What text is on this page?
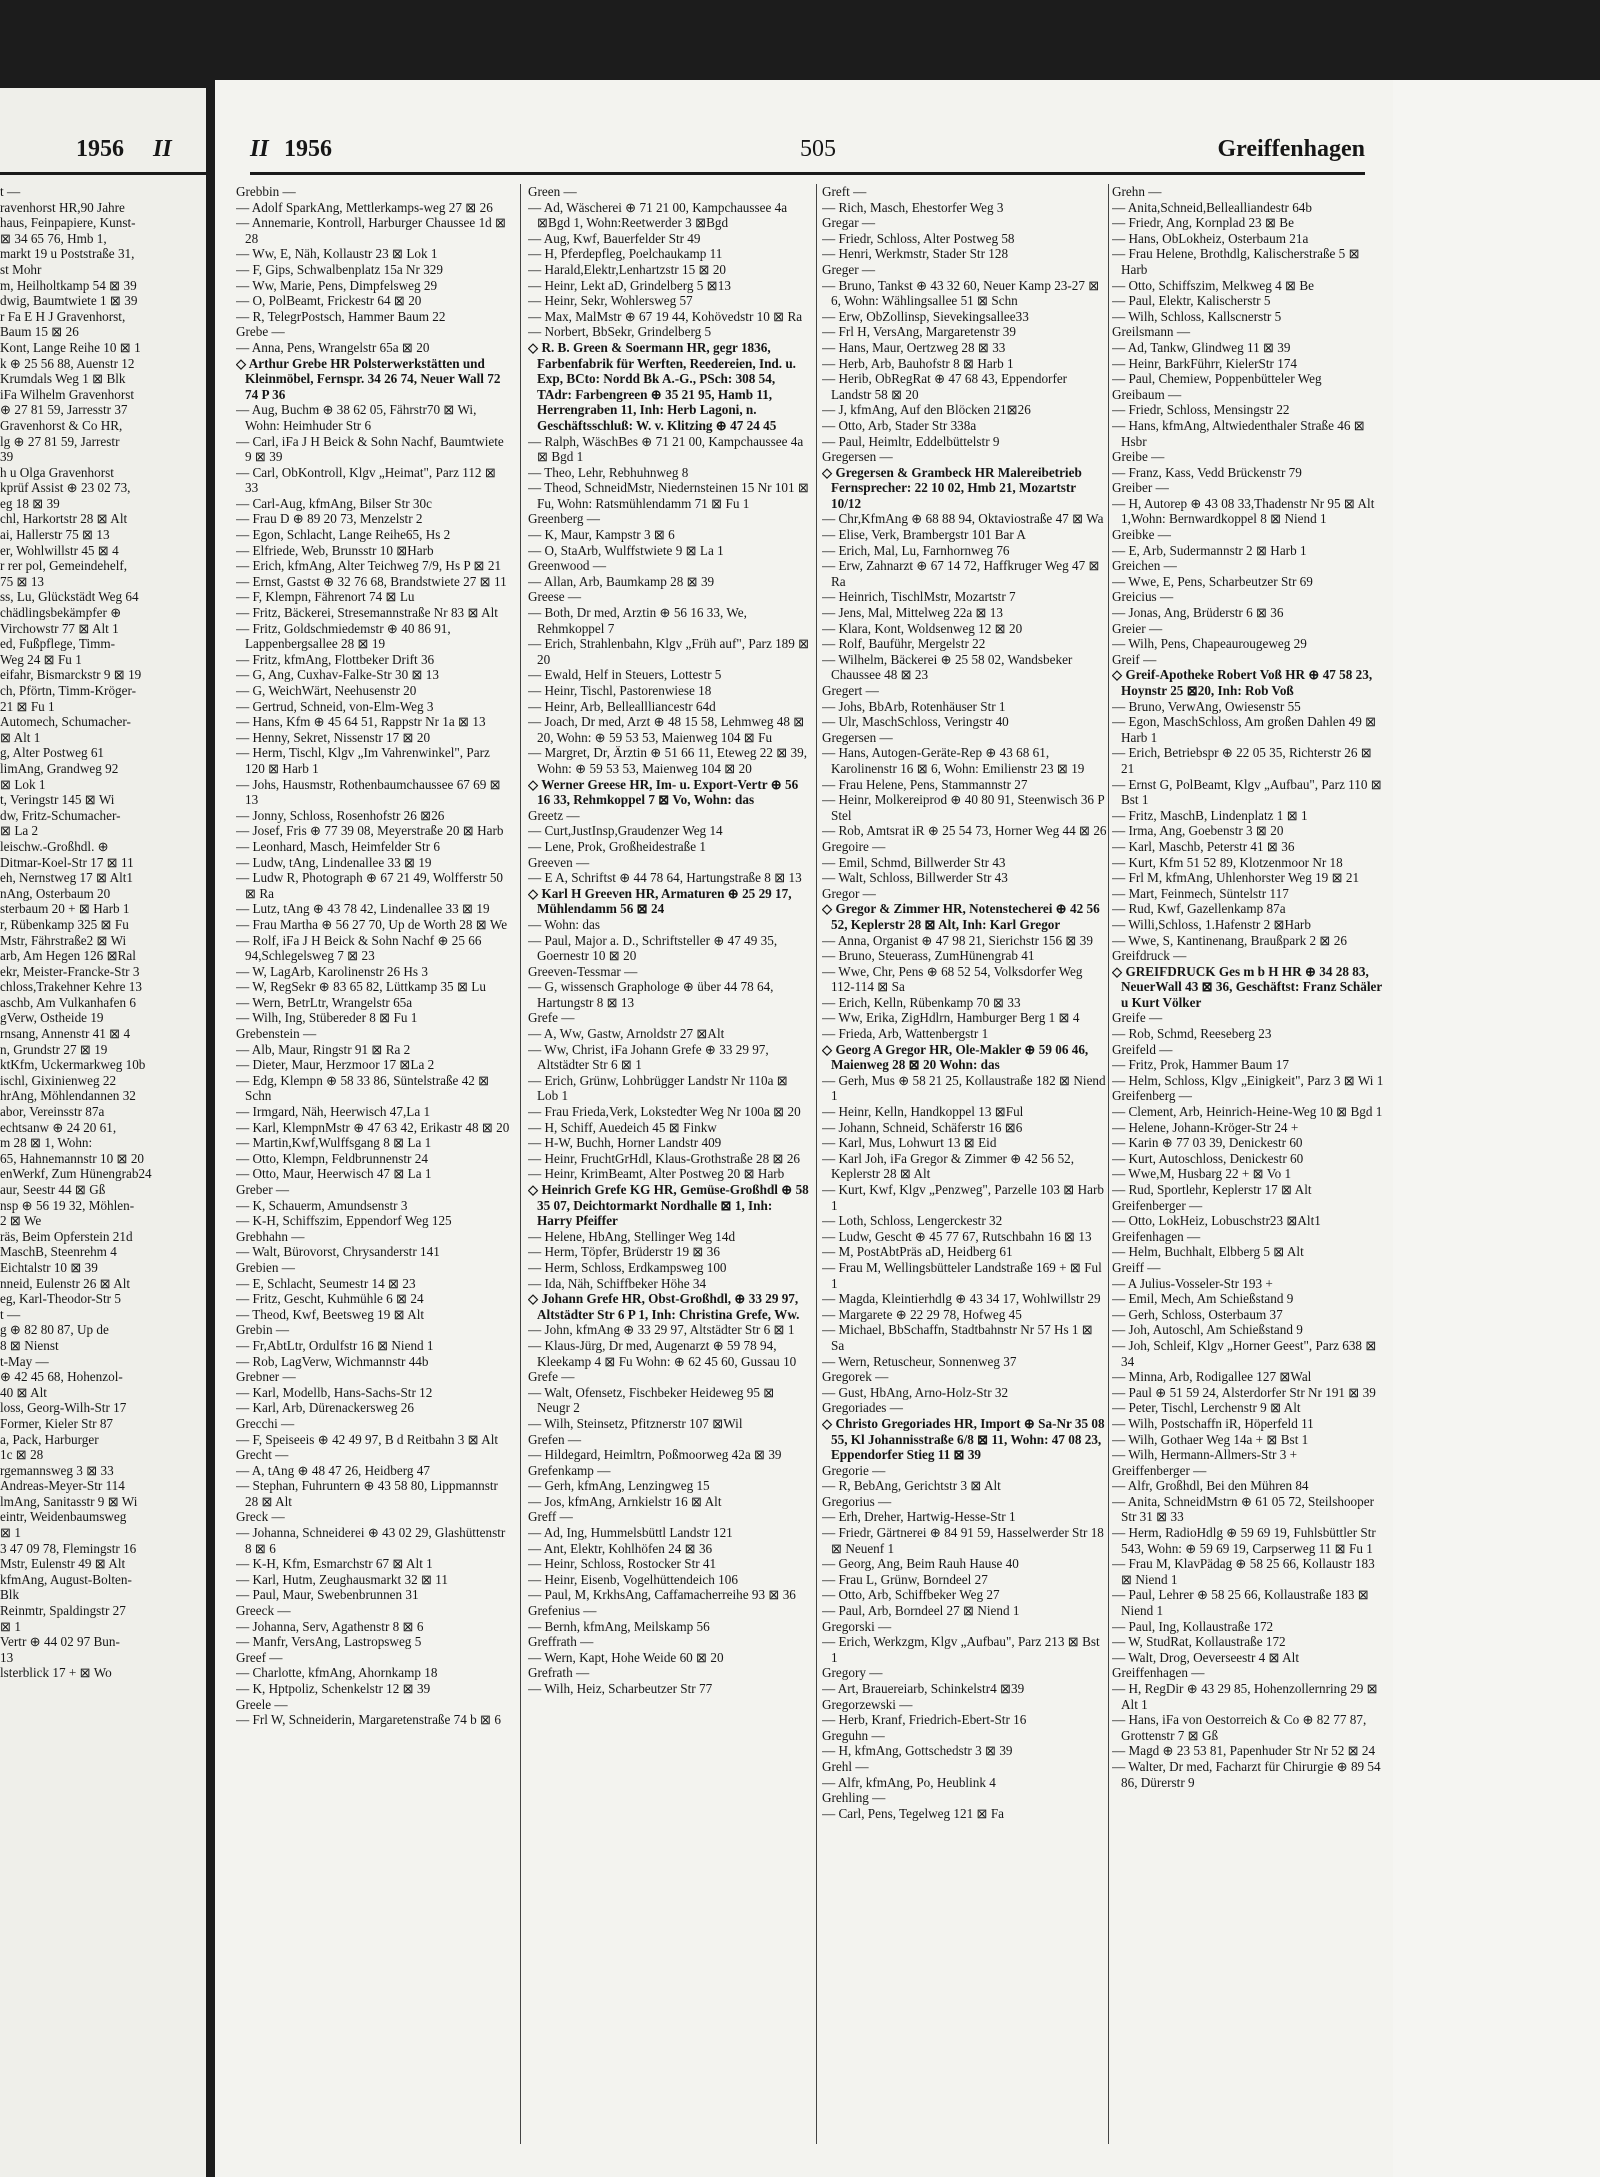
1956 II	II 1956	505	Greiffenhagen
t —
ravenhorst HR,90 Jahre
haus, Feinpapiere, Kunst-
⊠ 34 65 76, Hmb 1,
markt 19 u Poststraße 31,
st Mohr
m, Heilholtkamp 54 ⊠ 39
dwig, Baumtwiete 1 ⊠ 39
r Fa E H J Gravenhorst,
Baum 15 ⊠ 26
Kont, Lange Reihe 10 ⊠ 1
k ⊕ 25 56 88, Auenstr 12
Krumdals Weg 1 ⊠ Blk
iFa Wilhelm Gravenhorst
⊕ 27 81 59, Jarresstr 37
Gravenhorst & Co HR,
lg ⊕ 27 81 59, Jarrestr
39
h u Olga Gravenhorst
kprüf Assist ⊕ 23 02 73,
eg 18 ⊠ 39
chl, Harkortstr 28 ⊠ Alt
ai, Hallerstr 75 ⊠ 13
er, Wohlwillstr 45 ⊠ 4
r rer pol, Gemeindehelf,
75 ⊠ 13
ss, Lu, Glückstädt Weg 64
chädlingsbekämpfer ⊕
Virchowstr 77 ⊠ Alt 1
ed, Fußpflege, Timm-
Weg 24 ⊠ Fu 1
eifahr, Bismarckstr 9 ⊠ 19
ch, Pförtn, Timm-Kröger-
21 ⊠ Fu 1
Automech, Schumacher-
⊠ Alt 1
g, Alter Postweg 61
limAng, Grandweg 92
⊠ Lok 1
t, Veringstr 145 ⊠ Wi
dw, Fritz-Schumacher-
⊠ La 2
leischw.-Großhdl. ⊕
Ditmar-Koel-Str 17 ⊠ 11
eh, Nernstweg 17 ⊠ Alt1
nAng, Osterbaum 20
sterbaum 20 + ⊠ Harb 1
r, Rübenkamp 325 ⊠ Fu
Mstr, Fährstraße2 ⊠ Wi
arb, Am Hegen 126 ⊠Ral
ekr, Meister-Francke-Str 3
chloss,Trakehner Kehre 13
aschb, Am Vulkanhafen 6
gVerw, Ostheide 19
rnsang, Annenstr 41 ⊠ 4
n, Grundstr 27 ⊠ 19
ktKfm, Uckermarkweg 10b
ischl, Gixinienweg 22
hrAng, Möhlendannen 32
abor, Vereinsstr 87a
echtsanw ⊕ 24 20 61,
m 28 ⊠ 1, Wohn:
65, Hahnemannstr 10 ⊠ 20
enWerkf, Zum Hünengrab24
aur, Seestr 44 ⊠ Gß
nsp ⊕ 56 19 32, Möhlen-
2 ⊠ We
räs, Beim Opferstein 21d
MaschB, Steenrehm 4
Eichtalstr 10 ⊠ 39
nneid, Eulenstr 26 ⊠ Alt
eg, Karl-Theodor-Str 5
t —
g ⊕ 82 80 87, Up de
8 ⊠ Nienst
t-May —
⊕ 42 45 68, Hohenzol-
40 ⊠ Alt
loss, Georg-Wilh-Str 17
Former, Kieler Str 87
a, Pack, Harburger
1c ⊠ 28
rgemannsweg 3 ⊠ 33
Andreas-Meyer-Str 114
lmAng, Sanitasstr 9 ⊠ Wi
eintr, Weidenbaumsweg
⊠ 1
3 47 09 78, Flemingstr 16
Mstr, Eulenstr 49 ⊠ Alt
kfmAng, August-Bolten-
Blk
Reinmtr, Spaldingstr 27
⊠ 1
Vertr ⊕ 44 02 97 Bun-
13
lsterblick 17 + ⊠ Wo
Grebbin —
— Adolf SparkAng, Mettlerkamps-weg 27 ⊠ 26
— Annemarie, Kontroll, Harburger Chaussee 1d ⊠ 28
— Ww, E, Näh, Kollaustr 23 ⊠ Lok 1
— F, Gips, Schwalbenplatz 15a Nr 329
— Ww, Marie, Pens, Dimpfelsweg 29
— O, PolBeamt, Frickestr 64 ⊠ 20
— R, TelegrPostsch, Hammer Baum 22
Grebe —
— Anna, Pens, Wrangelstr 65a ⊠ 20
◇ Arthur Grebe HR Polsterwerkstätten und Kleinmöbel, Fernspr. 34 26 74, Neuer Wall 72 74 P 36
— Aug, Buchm ⊕ 38 62 05, Fährstr70 ⊠ Wi, Wohn: Heimhuder Str 6
— Carl, iFa J H Beick & Sohn Nachf, Baumtwiete 9 ⊠ 39
— Carl, ObKontroll, Klgv „Heimat", Parz 112 ⊠ 33
— Carl-Aug, kfmAng, Bilser Str 30c
— Frau D ⊕ 89 20 73, Menzelstr 2
— Egon, Schlacht, Lange Reihe65, Hs 2
— Elfriede, Web, Brunsstr 10 ⊠Harb
— Erich, kfmAng, Alter Teichweg 7/9, Hs P ⊠ 21
— Ernst, Gastst ⊕ 32 76 68, Brandstwiete 27 ⊠ 11
— F, Klempn, Fährenort 74 ⊠ Lu
— Fritz, Bäckerei, Stresemannstraße Nr 83 ⊠ Alt
— Fritz, Goldschmiedemstr ⊕ 40 86 91, Lappenbergsallee 28 ⊠ 19
— Fritz, kfmAng, Flottbeker Drift 36
— G, Ang, Cuxhav-Falke-Str 30 ⊠ 13
— G, WeichWärt, Neehusenstr 20
— Gertrud, Schneid, von-Elm-Weg 3
— Hans, Kfm ⊕ 45 64 51, Rappstr Nr 1a ⊠ 13
— Henny, Sekret, Nissenstr 17 ⊠ 20
— Herm, Tischl, Klgv „Im Vahrenwinkel", Parz 120 ⊠ Harb 1
— Johs, Hausmstr, Rothenbaumchaussee 67 69 ⊠ 13
— Jonny, Schloss, Rosenhofstr 26 ⊠26
— Josef, Fris ⊕ 77 39 08, Meyerstraße 20 ⊠ Harb
— Leonhard, Masch, Heimfelder Str 6
— Ludw, tAng, Lindenallee 33 ⊠ 19
— Ludw R, Photograph ⊕ 67 21 49, Wolfferstr 50 ⊠ Ra
— Lutz, tAng ⊕ 43 78 42, Lindenallee 33 ⊠ 19
— Frau Martha ⊕ 56 27 70, Up de Worth 28 ⊠ We
— Rolf, iFa J H Beick & Sohn Nachf ⊕ 25 66 94,Schlegelsweg 7 ⊠ 23
— W, LagArb, Karolinenstr 26 Hs 3
— W, RegSekr ⊕ 83 65 82, Lüttkamp 35 ⊠ Lu
— Wern, BetrLtr, Wrangelstr 65a
— Wilh, Ing, Stübereder 8 ⊠ Fu 1
Grebenstein —
— Alb, Maur, Ringstr 91 ⊠ Ra 2
— Dieter, Maur, Herzmoor 17 ⊠La 2
— Edg, Klempn ⊕ 58 33 86, Süntelstraße 42 ⊠ Schn
— Irmgard, Näh, Heerwisch 47,La 1
— Karl, KlempnMstr ⊕ 47 63 42, Erikastr 48 ⊠ 20
— Martin,Kwf,Wulffsgang 8 ⊠ La 1
— Otto, Klempn, Feldbrunnenstr 24
— Otto, Maur, Heerwisch 47 ⊠ La 1
Greber —
— K, Schauerm, Amundsenstr 3
— K-H, Schiffszim, Eppendorf Weg 125
Grebhahn —
— Walt, Bürovorst, Chrysanderstr 141
Grebien —
— E, Schlacht, Seumestr 14 ⊠ 23
— Fritz, Gescht, Kuhmühle 6 ⊠ 24
— Theod, Kwf, Beetsweg 19 ⊠ Alt
Grebin —
— Fr,AbtLtr, Ordulfstr 16 ⊠ Niend 1
— Rob, LagVerw, Wichmannstr 44b
Grebner —
— Karl, Modellb, Hans-Sachs-Str 12
— Karl, Arb, Dürenackersweg 26
Grecchi —
— F, Speiseeis ⊕ 42 49 97, B d Reitbahn 3 ⊠ Alt
Grecht —
— A, tAng ⊕ 48 47 26, Heidberg 47
— Stephan, Fuhruntern ⊕ 43 58 80, Lippmannstr 28 ⊠ Alt
Greck —
— Johanna, Schneiderei ⊕ 43 02 29, Glashüttenstr 8 ⊠ 6
— K-H, Kfm, Esmarchstr 67 ⊠ Alt 1
— Karl, Hutm, Zeughausmarkt 32 ⊠ 11
— Paul, Maur, Swebenbrunnen 31
Greeck —
— Johanna, Serv, Agathenstr 8 ⊠ 6
— Manfr, VersAng, Lastropsweg 5
Greef —
— Charlotte, kfmAng, Ahornkamp 18
— K, Hptpoliz, Schenkelstr 12 ⊠ 39
Greele —
— Frl W, Schneiderin, Margaretenstraße 74 b ⊠ 6
Green —
— Ad, Wäscherei ⊕ 71 21 00, Kampchaussee 4a ⊠Bgd 1, Wohn:Reetwerder 3 ⊠Bgd
— Aug, Kwf, Bauerfelder Str 49
— H, Pferdepfleg, Poelchaukamp 11
— Harald,Elektr,Lenhartzstr 15 ⊠ 20
— Heinr, Lekt aD, Grindelberg 5 ⊠13
— Heinr, Sekr, Wohlersweg 57
— Max, MalMstr ⊕ 67 19 44, Kohövedstr 10 ⊠ Ra
— Norbert, BbSekr, Grindelberg 5
◇ R. B. Green & Soermann HR, gegr 1836, Farbenfabrik für Werften, Reedereien, Ind. u. Exp, BCto: Nordd Bk A.-G., PSch: 308 54, TAdr: Farbengreen ⊕ 35 21 95, Hamb 11, Herrengraben 11, Inh: Herb Lagoni, n. Geschäftsschluß: W. v. Klitzing ⊕ 47 24 45
— Ralph, WäschBes ⊕ 71 21 00, Kampchaussee 4a ⊠ Bgd 1
— Theo, Lehr, Rebhuhnweg 8
— Theod, SchneidMstr, Niedernsteinen 15 Nr 101 ⊠ Fu, Wohn: Ratsmühlendamm 71 ⊠ Fu 1
Greenberg —
— K, Maur, Kampstr 3 ⊠ 6
— O, StaArb, Wulffstwiete 9 ⊠ La 1
Greenwood —
— Allan, Arb, Baumkamp 28 ⊠ 39
Greese —
— Both, Dr med, Arztin ⊕ 56 16 33, We, Rehmkoppel 7
— Erich, Strahlenbahn, Klgv „Früh auf", Parz 189 ⊠ 20
— Ewald, Helf in Steuers, Lottestr 5
— Heinr, Tischl, Pastorenwiese 18
— Heinr, Arb, Belleallliancestr 64d
— Joach, Dr med, Arzt ⊕ 48 15 58, Lehmweg 48 ⊠ 20, Wohn: ⊕ 59 53 53, Maienweg 104 ⊠ Fu
— Margret, Dr, Ärztin ⊕ 51 66 11, Eteweg 22 ⊠ 39, Wohn: ⊕ 59 53 53, Maienweg 104 ⊠ 20
◇ Werner Greese HR, Im- u. Export-Vertr ⊕ 56 16 33, Rehmkoppel 7 ⊠ Vo, Wohn: das
Greetz —
— Curt,JustInsp,Graudenzer Weg 14
— Lene, Prok, Großheidestraße 1
Greeven —
— E A, Schriftst ⊕ 44 78 64, Hartungstraße 8 ⊠ 13
◇ Karl H Greeven HR, Armaturen ⊕ 25 29 17, Mühlendamm 56 ⊠ 24
— Wohn: das
— Paul, Major a. D., Schriftsteller ⊕ 47 49 35, Goernestr 10 ⊠ 20
Greeven-Tessmar —
— G, wissensch Graphologe ⊕ über 44 78 64, Hartungstr 8 ⊠ 13
Grefe —
— A, Ww, Gastw, Arnoldstr 27 ⊠Alt
— Ww, Christ, iFa Johann Grefe ⊕ 33 29 97, Altstädter Str 6 ⊠ 1
— Erich, Grünw, Lohbrügger Landstr Nr 110a ⊠ Lob 1
— Frau Frieda,Verk, Lokstedter Weg Nr 100a ⊠ 20
— H, Schiff, Auedeich 45 ⊠ Finkw
— H-W, Buchh, Horner Landstr 409
— Heinr, FruchtGrHdl, Klaus-Grothstraße 28 ⊠ 26
— Heinr, KrimBeamt, Alter Postweg 20 ⊠ Harb
◇ Heinrich Grefe KG HR, Gemüse-Großhdl ⊕ 58 35 07, Deichtormarkt Nordhalle ⊠ 1, Inh: Harry Pfeiffer
— Helene, HbAng, Stellinger Weg 14d
— Herm, Töpfer, Brüderstr 19 ⊠ 36
— Herm, Schloss, Erdkampsweg 100
— Ida, Näh, Schiffbeker Höhe 34
◇ Johann Grefe HR, Obst-Großhdl, ⊕ 33 29 97, Altstädter Str 6 P 1, Inh: Christina Grefe, Ww.
— John, kfmAng ⊕ 33 29 97, Altstädter Str 6 ⊠ 1
— Klaus-Jürg, Dr med, Augenarzt ⊕ 59 78 94, Kleekamp 4 ⊠ Fu Wohn: ⊕ 62 45 60, Gussau 10
Grefe —
— Walt, Ofensetz, Fischbeker Heideweg 95 ⊠ Neugr 2
— Wilh, Steinsetz, Pfitznerstr 107 ⊠Wil
Grefen —
— Hildegard, Heimltrn, Poßmoorweg 42a ⊠ 39
Grefenkamp —
— Gerh, kfmAng, Lenzingweg 15
— Jos, kfmAng, Arnkielstr 16 ⊠ Alt
Greff —
— Ad, Ing, Hummelsbüttl Landstr 121
— Ant, Elektr, Kohlhöfen 24 ⊠ 36
— Heinr, Schloss, Rostocker Str 41
— Heinr, Eisenb, Vogelhüttendeich 106
— Paul, M, KrkhsAng, Caffamacherreihe 93 ⊠ 36
Grefenius —
— Bernh, kfmAng, Meilskamp 56
Greffrath —
— Wern, Kapt, Hohe Weide 60 ⊠ 20
Grefrath —
— Wilh, Heiz, Scharbeutzer Str 77
Greft —
— Rich, Masch, Ehestorfer Weg 3
Gregar —
— Friedr, Schloss, Alter Postweg 58
— Henri, Werkmstr, Stader Str 128
Greger —
— Bruno, Tankst ⊕ 43 32 60, Neuer Kamp 23-27 ⊠ 6, Wohn: Wählingsallee 51 ⊠ Schn
— Erw, ObZollinsp, Sievekingsallee33
— Frl H, VersAng, Margaretenstr 39
— Hans, Maur, Oertzweg 28 ⊠ 33
— Herb, Arb, Bauhofstr 8 ⊠ Harb 1
— Herib, ObRegRat ⊕ 47 68 43, Eppendorfer Landstr 58 ⊠ 20
— J, kfmAng, Auf den Blöcken 21⊠26
— Otto, Arb, Stader Str 338a
— Paul, Heimltr, Eddelbüttelstr 9
Gregersen —
◇ Gregersen & Grambeck HR Malereibetrieb Fernsprecher: 22 10 02, Hmb 21, Mozartstr 10/12
— Chr,KfmAng ⊕ 68 88 94, Oktaviostraße 47 ⊠ Wa
— Elise, Verk, Brambergstr 101 Bar A
— Erich, Mal, Lu, Farnhornweg 76
— Erw, Zahnarzt ⊕ 67 14 72, Haffkruger Weg 47 ⊠ Ra
— Heinrich, TischlMstr, Mozartstr 7
— Jens, Mal, Mittelweg 22a ⊠ 13
— Klara, Kont, Woldsenweg 12 ⊠ 20
— Rolf, Bauführ, Mergelstr 22
— Wilhelm, Bäckerei ⊕ 25 58 02, Wandsbeker Chaussee 48 ⊠ 23
Gregert —
— Johs, BbArb, Rotenhäuser Str 1
— Ulr, MaschSchloss, Veringstr 40
Gregersen —
— Hans, Autogen-Geräte-Rep ⊕ 43 68 61, Karolinenstr 16 ⊠ 6, Wohn: Emilienstr 23 ⊠ 19
— Frau Helene, Pens, Stammannstr 27
— Heinr, Molkereiprod ⊕ 40 80 91, Steenwisch 36 P Stel
— Rob, Amtsrat iR ⊕ 25 54 73, Horner Weg 44 ⊠ 26
Gregoire —
— Emil, Schmd, Billwerder Str 43
— Walt, Schloss, Billwerder Str 43
Gregor —
◇ Gregor & Zimmer HR, Notenstecherei ⊕ 42 56 52, Keplerstr 28 ⊠ Alt, Inh: Karl Gregor
— Anna, Organist ⊕ 47 98 21, Sierichstr 156 ⊠ 39
— Bruno, Steuerass, ZumHünengrab 41
— Wwe, Chr, Pens ⊕ 68 52 54, Volksdorfer Weg 112-114 ⊠ Sa
— Erich, Kelln, Rübenkamp 70 ⊠ 33
— Ww, Erika, ZigHdlrn, Hamburger Berg 1 ⊠ 4
— Frieda, Arb, Wattenbergstr 1
◇ Georg A Gregor HR, Ole-Makler ⊕ 59 06 46, Maienweg 28 ⊠ 20 Wohn: das
— Gerh, Mus ⊕ 58 21 25, Kollaustraße 182 ⊠ Niend 1
— Heinr, Kelln, Handkoppel 13 ⊠Ful
— Johann, Schneid, Schäferstr 16 ⊠6
— Karl, Mus, Lohwurt 13 ⊠ Eid
— Karl Joh, iFa Gregor & Zimmer ⊕ 42 56 52, Keplerstr 28 ⊠ Alt
— Kurt, Kwf, Klgv „Penzweg", Parzelle 103 ⊠ Harb 1
— Loth, Schloss, Lengerckestr 32
— Ludw, Gescht ⊕ 45 77 67, Rutschbahn 16 ⊠ 13
— M, PostAbtPräs aD, Heidberg 61
— Frau M, Wellingsbütteler Landstraße 169 + ⊠ Ful 1
— Magda, Kleintierhdlg ⊕ 43 34 17, Wohlwillstr 29
— Margarete ⊕ 22 29 78, Hofweg 45
— Michael, BbSchaffn, Stadtbahnstr Nr 57 Hs 1 ⊠ Sa
— Wern, Retuscheur, Sonnenweg 37
Gregorek —
— Gust, HbAng, Arno-Holz-Str 32
Gregoriades —
◇ Christo Gregoriades HR, Import ⊕ Sa-Nr 35 08 55, Kl Johannisstraße 6/8 ⊠ 11, Wohn: 47 08 23, Eppendorfer Stieg 11 ⊠ 39
Gregorie —
— R, BebAng, Gerichtstr 3 ⊠ Alt
Gregorius —
— Erh, Dreher, Hartwig-Hesse-Str 1
— Friedr, Gärtnerei ⊕ 84 91 59, Hasselwerder Str 18 ⊠ Neuenf 1
— Georg, Ang, Beim Rauh Hause 40
— Frau L, Grünw, Borndeel 27
— Otto, Arb, Schiffbeker Weg 27
— Paul, Arb, Borndeel 27 ⊠ Niend 1
Gregorski —
— Erich, Werkzgm, Klgv „Aufbau", Parz 213 ⊠ Bst 1
Gregory —
— Art, Brauereiarb, Schinkelstr4 ⊠39
Gregorzewski —
— Herb, Kranf, Friedrich-Ebert-Str 16
Greguhn —
— H, kfmAng, Gottschedstr 3 ⊠ 39
Grehl —
— Alfr, kfmAng, Po, Heublink 4
Grehling —
— Carl, Pens, Tegelweg 121 ⊠ Fa
Grehn —
— Anita,Schneid,Bellealliandestr 64b
— Friedr, Ang, Kornplad 23 ⊠ Be
— Hans, ObLokheiz, Osterbaum 21a
— Frau Helene, Brothdlg, Kalischerstraße 5 ⊠ Harb
— Otto, Schiffszim, Melkweg 4 ⊠ Be
— Paul, Elektr, Kalischerstr 5
— Wilh, Schloss, Kallscnerstr 5
Greilsmann —
— Ad, Tankw, Glindweg 11 ⊠ 39
— Heinr, BarkFührr, KielerStr 174
— Paul, Chemiew, Poppenbütteler Weg
Greibaum —
— Friedr, Schloss, Mensingstr 22
— Hans, kfmAng, Altwiedenthaler Straße 46 ⊠ Hsbr
Greibe —
— Franz, Kass, Vedd Brückenstr 79
Greiber —
— H, Autorep ⊕ 43 08 33,Thadenstr Nr 95 ⊠ Alt 1,Wohn: Bernwardkoppel 8 ⊠ Niend 1
Greibke —
— E, Arb, Sudermannstr 2 ⊠ Harb 1
Greichen —
— Wwe, E, Pens, Scharbeutzer Str 69
Greicius —
— Jonas, Ang, Brüderstr 6 ⊠ 36
Greier —
— Wilh, Pens, Chapeaurougeweg 29
Greif —
◇ Greif-Apotheke Robert Voß HR ⊕ 47 58 23, Hoynstr 25 ⊠20, Inh: Rob Voß
— Bruno, VerwAng, Owiesenstr 55
— Egon, MaschSchloss, Am großen Dahlen 49 ⊠ Harb 1
— Erich, Betriebspr ⊕ 22 05 35, Richterstr 26 ⊠ 21
— Ernst G, PolBeamt, Klgv „Aufbau", Parz 110 ⊠ Bst 1
— Fritz, MaschB, Lindenplatz 1 ⊠ 1
— Irma, Ang, Goebenstr 3 ⊠ 20
— Karl, Maschb, Peterstr 41 ⊠ 36
— Kurt, Kfm 51 52 89, Klotzenmoor Nr 18
— Frl M, kfmAng, Uhlenhorster Weg 19 ⊠ 21
— Mart, Feinmech, Süntelstr 117
— Rud, Kwf, Gazellenkamp 87a
— Willi,Schloss, 1.Hafenstr 2 ⊠Harb
— Wwe, S, Kantinenang, Braußpark 2 ⊠ 26
Greifdruck —
◇ GREIFDRUCK Ges m b H HR ⊕ 34 28 83, NeuerWall 43 ⊠ 36, Geschäftst: Franz Schäler u Kurt Völker
Greife —
— Rob, Schmd, Reeseberg 23
Greifeld —
— Fritz, Prok, Hammer Baum 17
— Helm, Schloss, Klgv „Einigkeit", Parz 3 ⊠ Wi 1
Greifenberg —
— Clement, Arb, Heinrich-Heine-Weg 10 ⊠ Bgd 1
— Helene, Johann-Kröger-Str 24 +
— Karin ⊕ 77 03 39, Denickestr 60
— Kurt, Autoschloss, Denickestr 60
— Wwe,M, Husbarg 22 + ⊠ Vo 1
— Rud, Sportlehr, Keplerstr 17 ⊠ Alt
Greifenberger —
— Otto, LokHeiz, Lobuschstr23 ⊠Alt1
Greifenhagen —
— Helm, Buchhalt, Elbberg 5 ⊠ Alt
Greiff —
— A Julius-Vosseler-Str 193 +
— Emil, Mech, Am Schießstand 9
— Gerh, Schloss, Osterbaum 37
— Joh, Autoschl, Am Schießstand 9
— Joh, Schleif, Klgv „Horner Geest", Parz 638 ⊠ 34
— Minna, Arb, Rodigallee 127 ⊠Wal
— Paul ⊕ 51 59 24, Alsterdorfer Str Nr 191 ⊠ 39
— Peter, Tischl, Lerchenstr 9 ⊠ Alt
— Wilh, Postschaffn iR, Höperfeld 11
— Wilh, Gothaer Weg 14a + ⊠ Bst 1
— Wilh, Hermann-Allmers-Str 3 +
Greiffenberger —
— Alfr, Großhdl, Bei den Mühren 84
— Anita, SchneidMstrn ⊕ 61 05 72, Steilshooper Str 31 ⊠ 33
— Herm, RadioHdlg ⊕ 59 69 19, Fuhlsbüttler Str 543, Wohn: ⊕ 59 69 19, Carpserweg 11 ⊠ Fu 1
— Frau M, KlavPädag ⊕ 58 25 66, Kollaustr 183 ⊠ Niend 1
— Paul, Lehrer ⊕ 58 25 66, Kollaustraße 183 ⊠ Niend 1
— Paul, Ing, Kollaustraße 172
— W, StudRat, Kollaustraße 172
— Walt, Drog, Oeverseestr 4 ⊠ Alt
Greiffenhagen —
— H, RegDir ⊕ 43 29 85, Hohenzollernring 29 ⊠ Alt 1
— Hans, iFa von Oestorreich & Co ⊕ 82 77 87, Grottenstr 7 ⊠ Gß
— Magd ⊕ 23 53 81, Papenhuder Str Nr 52 ⊠ 24
— Walter, Dr med, Facharzt für Chirurgie ⊕ 89 54 86, Dürerstr 9
